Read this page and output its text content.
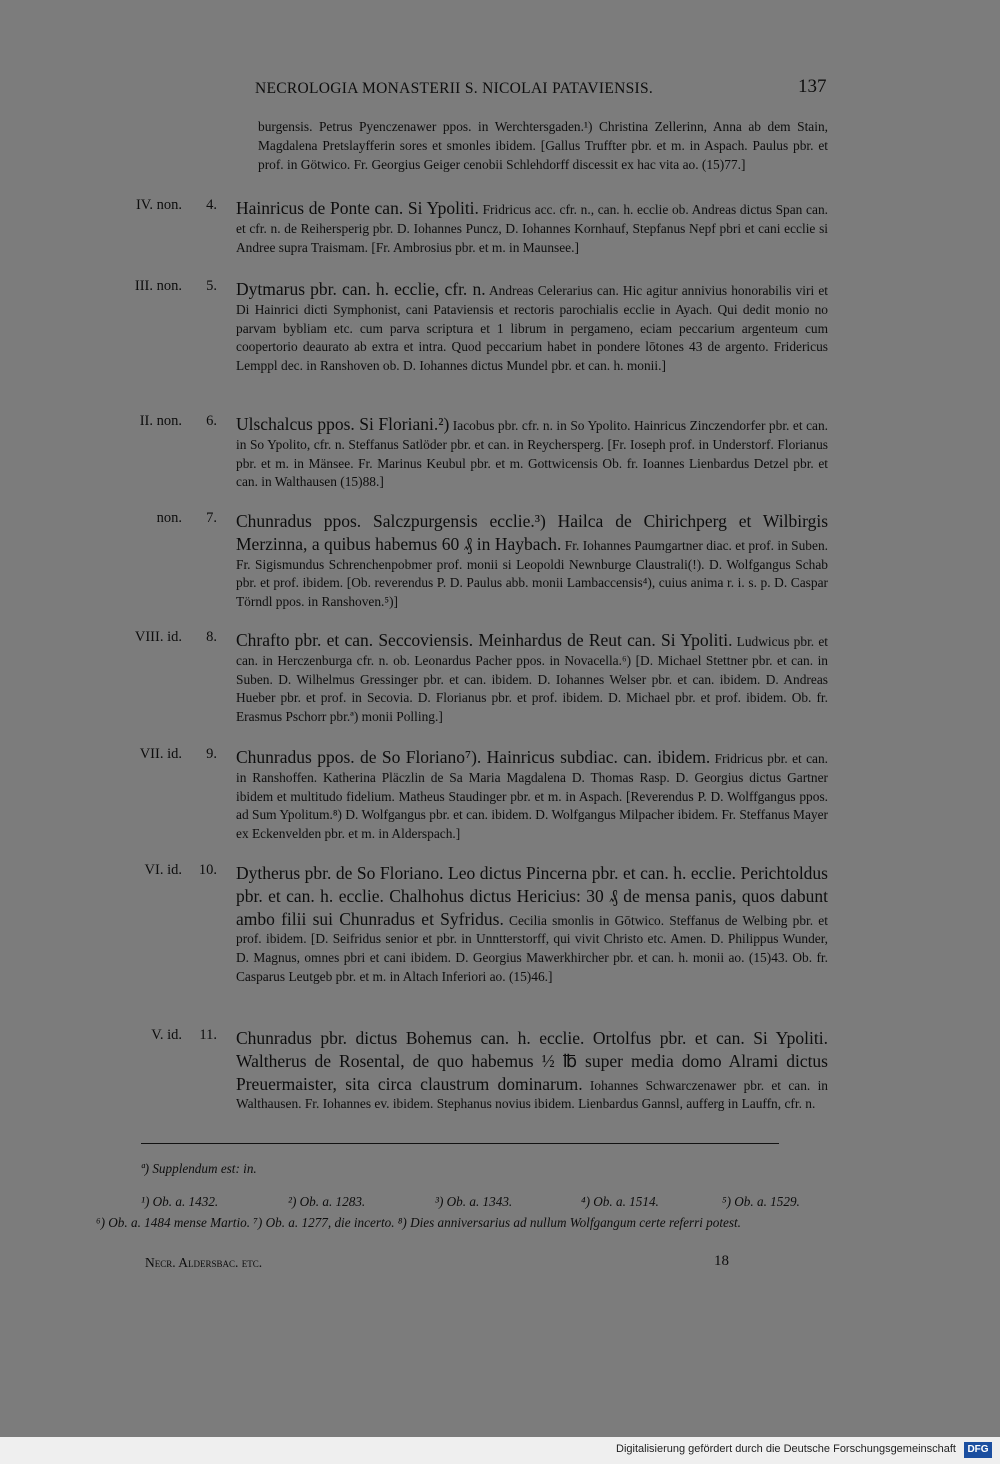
NECROLOGIA MONASTERII S. NICOLAI PATAVIENSIS.	137
burgensis. Petrus Pyenczenawer ppos. in Werchtersgaden.¹) Christina Zellerinn, Anna ab dem Stain, Magdalena Pretslayfferin sores et smonles ibidem. [Gallus Truffter pbr. et m. in Aspach. Paulus pbr. et prof. in Götwico. Fr. Georgius Geiger cenobii Schlehdorff discessit ex hac vita ao. (15)77.]
IV. non. 4. Hainricus de Ponte can. Si Ypoliti. Fridricus acc. cfr. n., can. h. ecclie ob. Andreas dictus Span can. et cfr. n. de Reihersperig pbr. D. Iohannes Puncz, D. Iohannes Kornhauf, Stepfanus Nepf pbri et cani ecclie si Andree supra Traismam. [Fr. Ambrosius pbr. et m. in Maunsee.]
III. non. 5. Dytmarus pbr. can. h. ecclie, cfr. n. Andreas Celerarius can. Hic agitur annivius honorabilis viri et Di Hainrici dicti Symphonist, cani Pataviensis et rectoris parochialis ecclie in Ayach. Qui dedit monio no parvam bybliam etc. cum parva scriptura et 1 librum in pergameno, eciam peccarium argenteum cum coopertorio deaurato ab extra et intra. Quod peccarium habet in pondere lōtones 43 de argento. Fridericus Lemppl dec. in Ranshoven ob. D. Iohannes dictus Mundel pbr. et can. h. monii.]
II. non. 6. Ulschalcus ppos. Si Floriani.²) Iacobus pbr. cfr. n. in So Ypolito. Hainricus Zinczendorfer pbr. et can. in So Ypolito, cfr. n. Steffanus Satlöder pbr. et can. in Reychersperg. [Fr. Ioseph prof. in Understorf. Florianus pbr. et m. in Mänsee. Fr. Marinus Keubul pbr. et m. Gottwicensis Ob. fr. Ioannes Lienbardus Detzel pbr. et can. in Walthausen (15)88.]
non. 7. Chunradus ppos. Salczpurgensis ecclie.³) Hailca de Chirichperg et Wilbirgis Merzinna, a quibus habemus 60 ₰ in Haybach. Fr. Iohannes Paumgartner diac. et prof. in Suben. Fr. Sigismundus Schrenchenpobmer prof. monii si Leopoldi Newnburge Claustrali(!). D. Wolfgangus Schab pbr. et prof. ibidem. [Ob. reverendus P. D. Paulus abb. monii Lambaccensis⁴), cuius anima r. i. s. p. D. Caspar Törndl ppos. in Ranshoven.⁵)]
VIII. id. 8. Chrafto pbr. et can. Seccoviensis. Meinhardus de Reut can. Si Ypoliti. Ludwicus pbr. et can. in Herczenburga cfr. n. ob. Leonardus Pacher ppos. in Novacella.⁶) [D. Michael Stettner pbr. et can. in Suben. D. Wilhelmus Gressinger pbr. et can. ibidem. D. Iohannes Welser pbr. et can. ibidem. D. Andreas Hueber pbr. et prof. in Secovia. D. Florianus pbr. et prof. ibidem. D. Michael pbr. et prof. ibidem. Ob. fr. Erasmus Pschorr pbr.ª) monii Polling.]
VII. id. 9. Chunradus ppos. de So Floriano⁷). Hainricus subdiac. can. ibidem. Fridricus pbr. et can. in Ranshoffen. Katherina Pläczlin de Sa Maria Magdalena D. Thomas Rasp. D. Georgius dictus Gartner ibidem et multitudo fidelium. Matheus Staudinger pbr. et m. in Aspach. [Reverendus P. D. Wolffgangus ppos. ad Sum Ypolitum.⁸) D. Wolfgangus pbr. et can. ibidem. D. Wolfgangus Milpacher ibidem. Fr. Steffanus Mayer ex Eckenvelden pbr. et m. in Alderspach.]
VI. id. 10. Dytherus pbr. de So Floriano. Leo dictus Pincerna pbr. et can. h. ecclie. Perichtoldus pbr. et can. h. ecclie. Chalhohus dictus Hericius: 30 ₰ de mensa panis, quos dabunt ambo filii sui Chunradus et Syfridus. Cecilia smonlis in Gōtwico. Steffanus de Welbing pbr. et prof. ibidem. [D. Seifridus senior et pbr. in Unntterstorff, qui vivit Christo etc. Amen. D. Philippus Wunder, D. Magnus, omnes pbri et cani ibidem. D. Georgius Mawerkhircher pbr. et can. h. monii ao. (15)43. Ob. fr. Casparus Leutgeb pbr. et m. in Altach Inferiori ao. (15)46.]
V. id. 11. Chunradus pbr. dictus Bohemus can. h. ecclie. Ortolfus pbr. et can. Si Ypoliti. Waltherus de Rosental, de quo habemus ½ ℔ super media domo Alrami dictus Preuermaister, sita circa claustrum dominarum. Iohannes Schwarczenawer pbr. et can. in Walthausen. Fr. Iohannes ev. ibidem. Stephanus novius ibidem. Lienbardus Gannsl, aufferg in Lauffn, cfr. n.
ª) Supplendum est: in.
¹) Ob. a. 1432.	²) Ob. a. 1283.	³) Ob. a. 1343.	⁴) Ob. a. 1514.	⁵) Ob. a. 1529.
⁶) Ob. a. 1484 mense Martio. ⁷) Ob. a. 1277, die incerto. ⁸) Dies anniversarius ad nullum Wolfgangum certe referri potest.
Necr. Aldersbac. etc.	18
Digitalisierung gefördert durch die Deutsche Forschungsgemeinschaft	DFG
